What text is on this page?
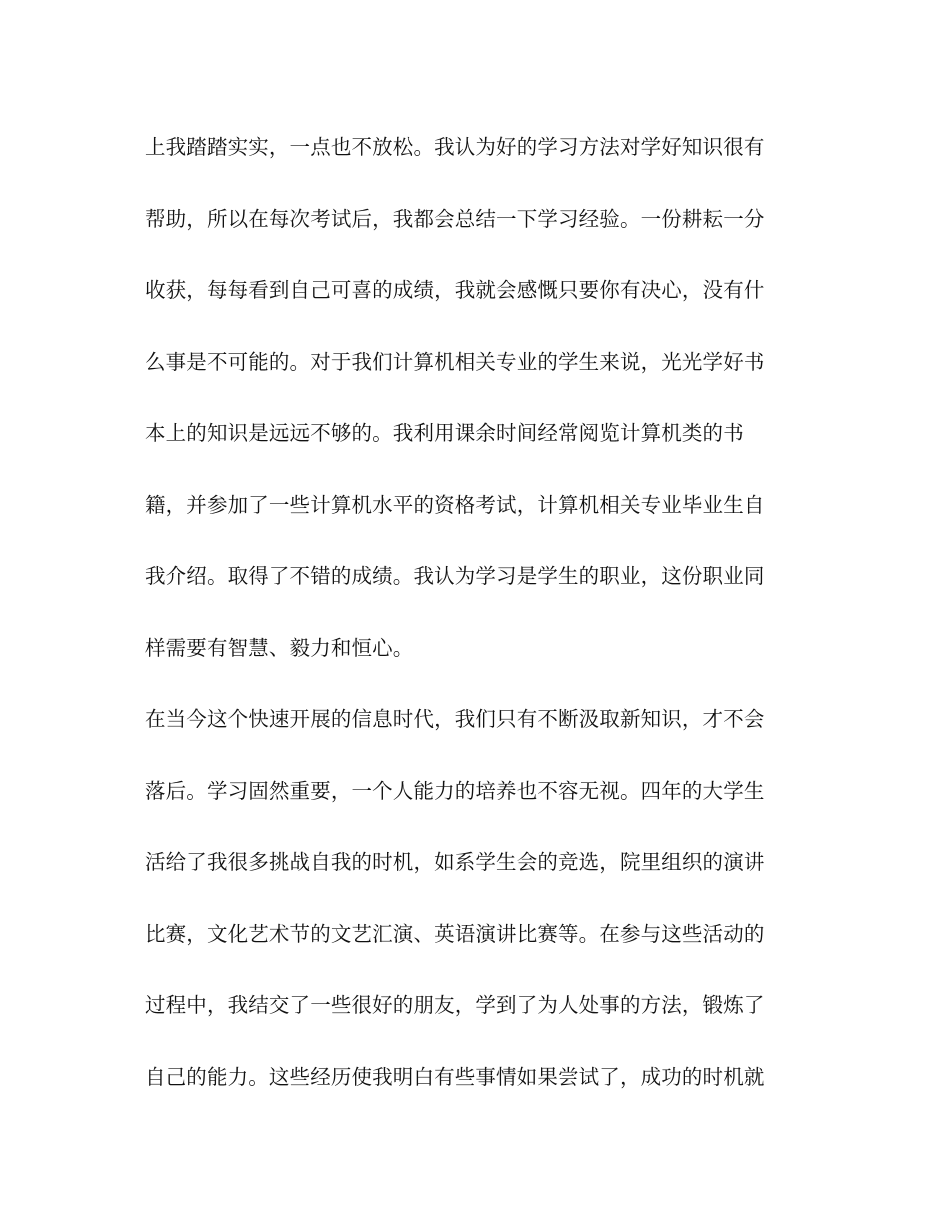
上我踏踏实实，一点也不放松。我认为好的学习方法对学好知识很有
帮助，所以在每次考试后，我都会总结一下学习经验。一份耕耘一分
收获，每每看到自己可喜的成绩，我就会感慨只要你有决心，没有什
么事是不可能的。对于我们计算机相关专业的学生来说，光光学好书
本上的知识是远远不够的。我利用课余时间经常阅览计算机类的书
籍，并参加了一些计算机水平的资格考试，计算机相关专业毕业生自
我介绍。取得了不错的成绩。我认为学习是学生的职业，这份职业同
样需要有智慧、毅力和恒心。
在当今这个快速开展的信息时代，我们只有不断汲取新知识，才不会
落后。学习固然重要，一个人能力的培养也不容无视。四年的大学生
活给了我很多挑战自我的时机，如系学生会的竞选，院里组织的演讲
比赛，文化艺术节的文艺汇演、英语演讲比赛等。在参与这些活动的
过程中，我结交了一些很好的朋友，学到了为人处事的方法，锻炼了
自己的能力。这些经历使我明白有些事情如果尝试了，成功的时机就
